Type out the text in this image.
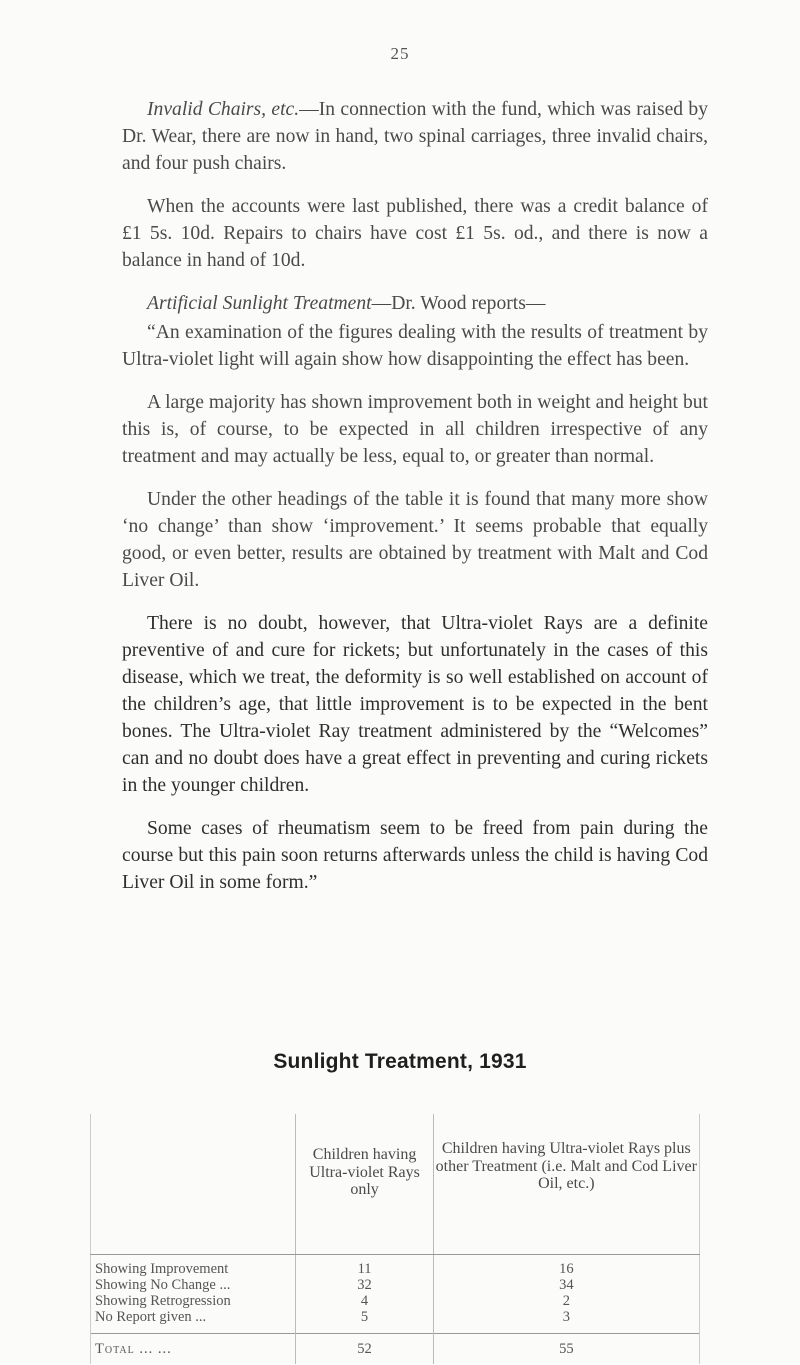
25

Invalid Chairs, etc.—In connection with the fund, which was raised by Dr. Wear, there are now in hand, two spinal carriages, three invalid chairs, and four push chairs.

When the accounts were last published, there was a credit balance of £1 5s. 10d. Repairs to chairs have cost £1 5s. od., and there is now a balance in hand of 10d.

Artificial Sunlight Treatment—Dr. Wood reports—

“An examination of the figures dealing with the results of treatment by Ultra-violet light will again show how disappointing the effect has been.

A large majority has shown improvement both in weight and height but this is, of course, to be expected in all children irrespective of any treatment and may actually be less, equal to, or greater than normal.

Under the other headings of the table it is found that many more show ‘no change’ than show ‘improvement.’ It seems probable that equally good, or even better, results are obtained by treatment with Malt and Cod Liver Oil.

There is no doubt, however, that Ultra-violet Rays are a definite preventive of and cure for rickets; but unfortunately in the cases of this disease, which we treat, the deformity is so well established on account of the children’s age, that little improvement is to be expected in the bent bones. The Ultra-violet Ray treatment administered by the “Welcomes” can and no doubt does have a great effect in preventing and curing rickets in the younger children.

Some cases of rheumatism seem to be freed from pain during the course but this pain soon returns afterwards unless the child is having Cod Liver Oil in some form.”

Sunlight Treatment, 1931
	Children having Ultra-violet Rays only	Children having Ultra-violet Rays plus other Treatment (i.e. Malt and Cod Liver Oil, etc.)
Showing Improvement	11	16
Showing No Change ...	32	34
Showing Retrogression	4	2
No Report given ...	5	3
Total ... ...	52	55
